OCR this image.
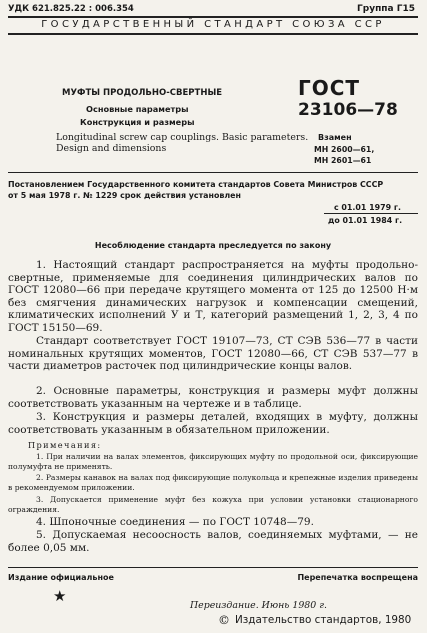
УДК 621.825.22 : 006.354	Группа Г15
ГОСУДАРСТВЕННЫЙ СТАНДАРТ СОЮЗА ССР
МУФТЫ ПРОДОЛЬНО-СВЕРТНЫЕ
Основные параметры
Конструкция и размеры
Longitudinal screw cap couplings. Basic parameters.
Design and dimensions
ГОСТ
23106—78
Взамен
МН 2600—61,
МН 2601—61
Постановлением Государственного комитета стандартов Совета Министров СССР
от 5 мая 1978 г. № 1229 срок действия установлен
с 01.01 1979 г.
до 01.01 1984 г.
Несоблюдение стандарта преследуется по закону
1. Настоящий стандарт распространяется на муфты продольно-свертные, применяемые для соединения цилиндрических валов по ГОСТ 12080—66 при передаче крутящего момента от 125 до 12500 Н·м без смягчения динамических нагрузок и компенсации смещений, климатических исполнений У и Т, категорий размещений 1, 2, 3, 4 по ГОСТ 15150—69.
Стандарт соответствует ГОСТ 19107—73, СТ СЭВ 536—77 в части номинальных крутящих моментов, ГОСТ 12080—66, СТ СЭВ 537—77 в части диаметров расточек под цилиндрические концы валов.
2. Основные параметры, конструкция и размеры муфт должны соответствовать указанным на чертеже и в таблице.
3. Конструкция и размеры деталей, входящих в муфту, должны соответствовать указанным в обязательном приложении.
Примечания:
1. При наличии на валах элементов, фиксирующих муфту по продольной оси, фиксирующие полумуфта не применять.
2. Размеры канавок на валах под фиксирующие полукольца и крепежные изделия приведены в рекомендуемом приложении.
3. Допускается применение муфт без кожуха при условии установки стационарного ограждения.
4. Шпоночные соединения — по ГОСТ 10748—79.
5. Допускаемая несоосность валов, соединяемых муфтами, — не более 0,05 мм.
Издание официальное	Перепечатка воспрещена
★
Переиздание. Июнь 1980 г.
© Издательство стандартов, 1980
